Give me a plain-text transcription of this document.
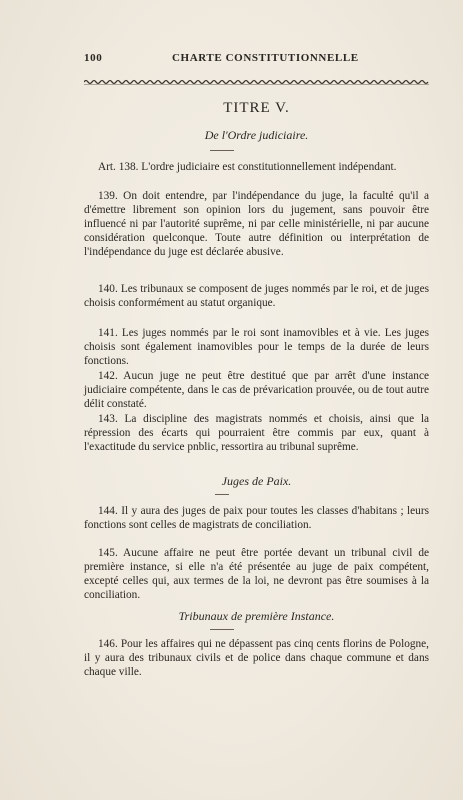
100	CHARTE CONSTITUTIONNELLE
TITRE V.
De l'Ordre judiciaire.

Art. 138. L'ordre judiciaire est constitutionnellement indépendant.

139. On doit entendre, par l'indépendance du juge, la faculté qu'il a d'émettre librement son opinion lors du jugement, sans pouvoir être influencé ni par l'autorité suprême, ni par celle ministérielle, ni par aucune considération quelconque. Toute autre définition ou interprétation de l'indépendance du juge est déclarée abusive.

140. Les tribunaux se composent de juges nommés par le roi, et de juges choisis conformément au statut organique.

141. Les juges nommés par le roi sont inamovibles et à vie. Les juges choisis sont également inamovibles pour le temps de la durée de leurs fonctions.

142. Aucun juge ne peut être destitué que par arrêt d'une instance judiciaire compétente, dans le cas de prévarication prouvée, ou de tout autre délit constaté.

143. La discipline des magistrats nommés et choisis, ainsi que la répression des écarts qui pourraient être commis par eux, quant à l'exactitude du service pnblic, ressortira au tribunal suprême.

Juges de Paix.

144. Il y aura des juges de paix pour toutes les classes d'habitans ; leurs fonctions sont celles de magistrats de conciliation.

145. Aucune affaire ne peut être portée devant un tribunal civil de première instance, si elle n'a été présentée au juge de paix compétent, excepté celles qui, aux termes de la loi, ne devront pas être soumises à la conciliation.

Tribunaux de première Instance.

146. Pour les affaires qui ne dépassent pas cinq cents florins de Pologne, il y aura des tribunaux civils et de police dans chaque commune et dans chaque ville.
